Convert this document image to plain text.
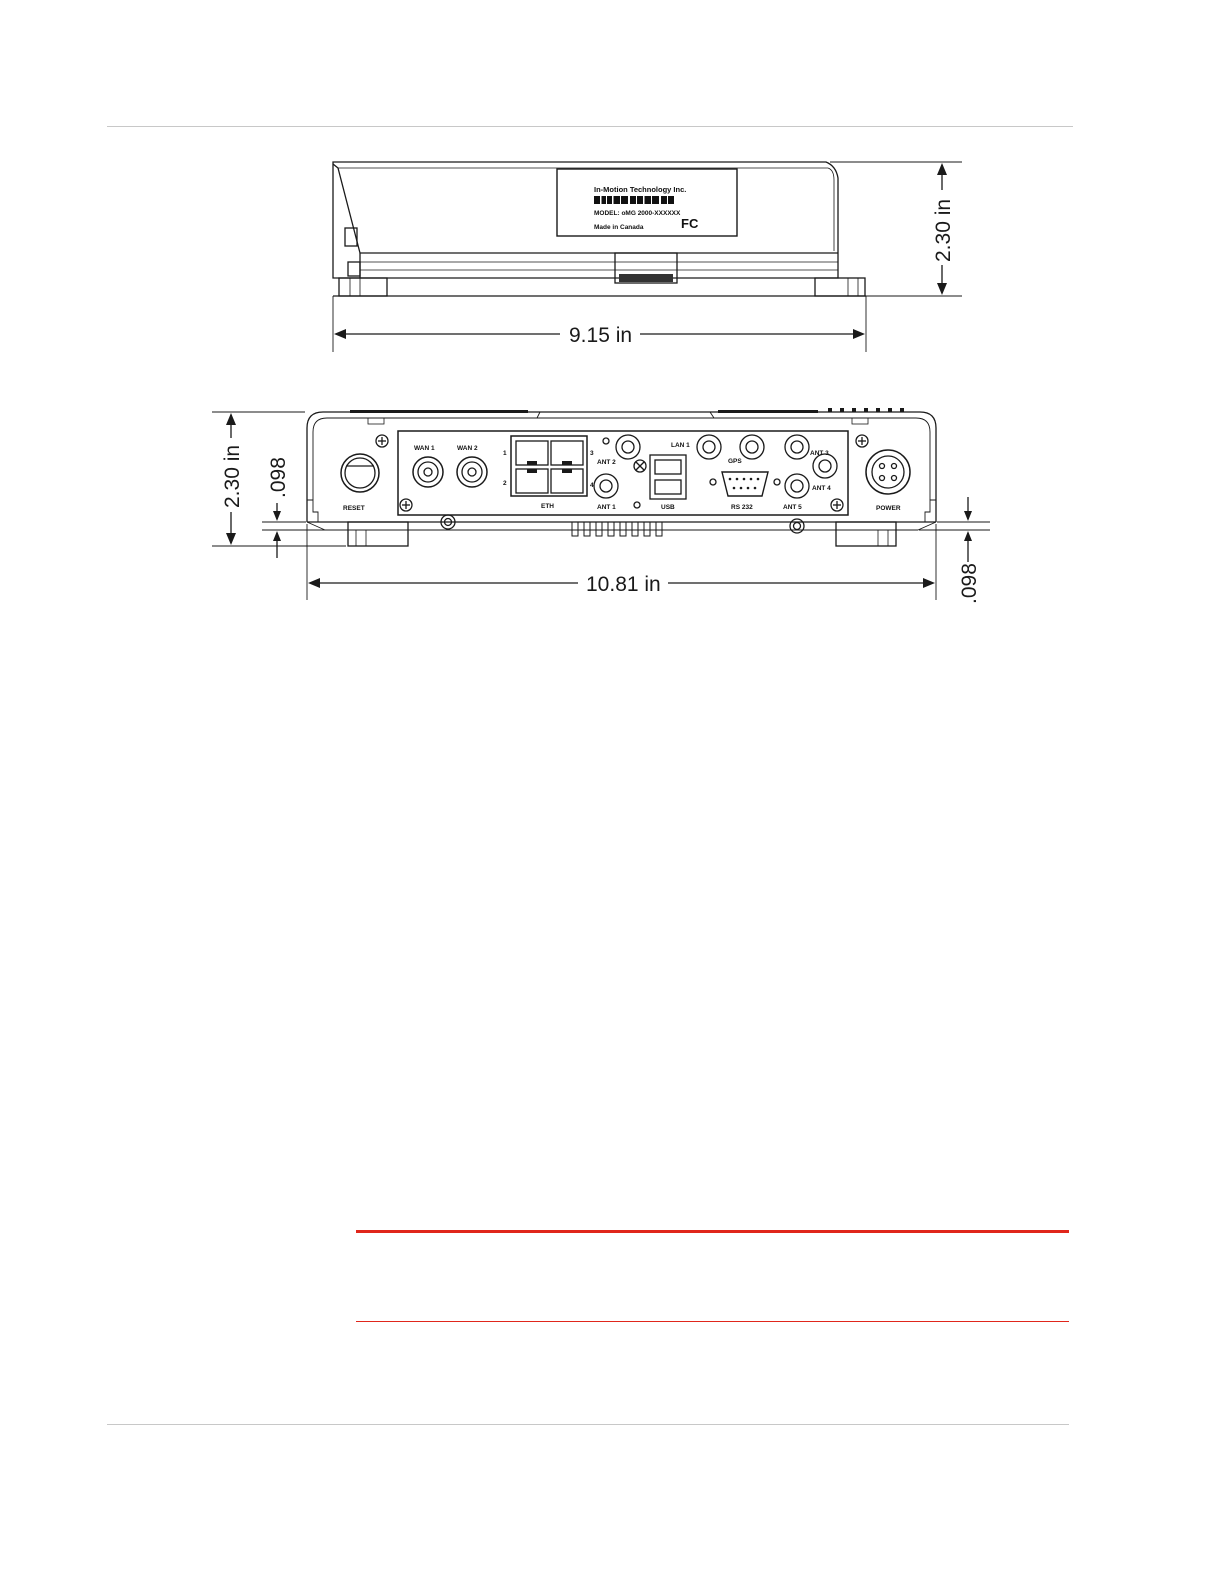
In-Motion Technology Inc.
MODEL: oMG 2000-XXXXXX
Made in Canada	FC
9.15 in
2.30 in
RESET
WAN 1	WAN 2
ETH
1
2
3
4
ANT 2
ANT 1	USB
LAN 1
GPS
RS 232	ANT 5
ANT 3
ANT 4
POWER
2.30 in .098
.098
10.81 in
